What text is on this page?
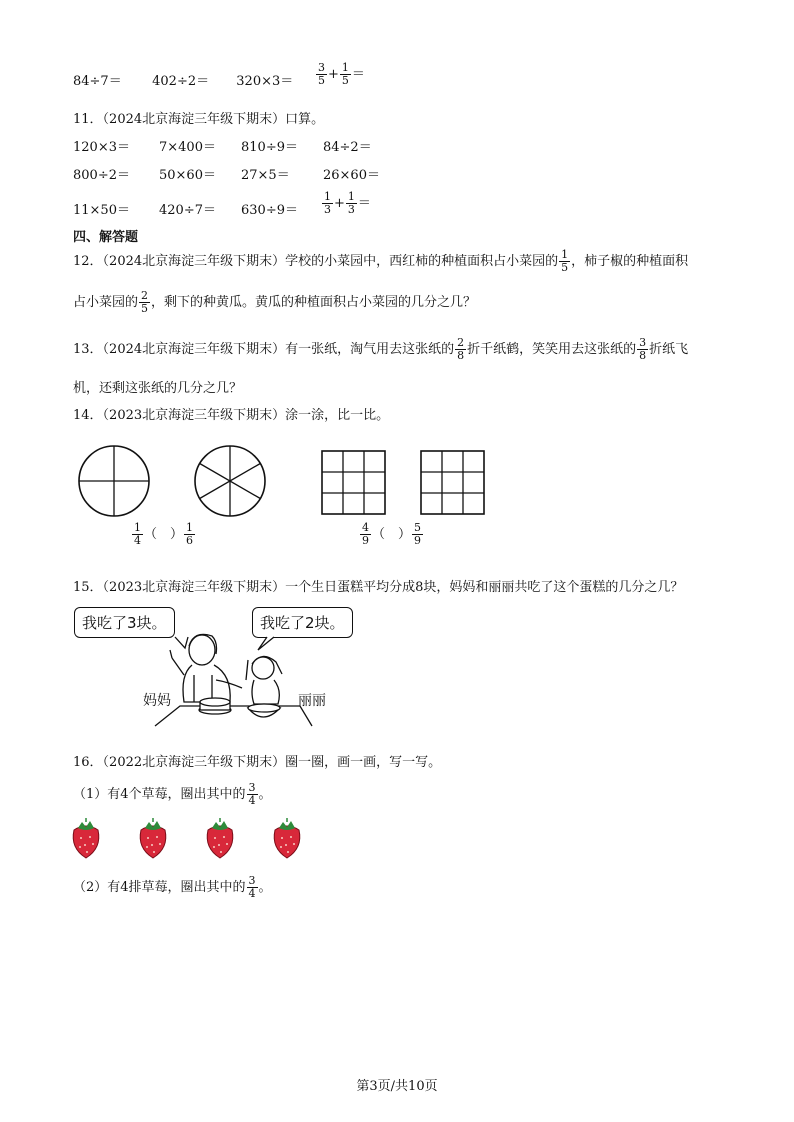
84÷7＝ 402÷2＝ 320×3＝	$\frac{3}{5} + \frac{1}{5}$ ＝
11．（2024北京海淀三年级下期末）口算。
120×3＝ 7×400＝ 810÷9＝ 84÷2＝
800÷2＝ 50×60＝ 27×5＝	26×60＝
11×50＝ 420÷7＝ 630÷9＝	$\frac{1}{3} + \frac{1}{3}$ ＝
四、解答题
12．（2024北京海淀三年级下期末）学校的小菜园中，西红柿的种植面积占小菜园的 $\frac{1}{5}$ ，柿子椒的种植面积
占小菜园的 $\frac{2}{5}$ ，剩下的种黄瓜。黄瓜的种植面积占小菜园的几分之几？
13．（2024北京海淀三年级下期末）有一张纸，淘气用去这张纸的 $\frac{2}{8}$ 折千纸鹤，笑笑用去这张纸的 $\frac{3}{8}$ 折纸飞
机，还剩这张纸的几分之几？
14．（2023北京海淀三年级下期末）涂一涂，比一比。
$\frac{1}{4}$ （　） $\frac{1}{6}$	$\frac{4}{9}$ （　） $\frac{5}{9}$
15．（2023北京海淀三年级下期末）一个生日蛋糕平均分成8块，妈妈和丽丽共吃了这个蛋糕的几分之几？
我吃了3块。	我吃了2块。
妈妈	丽丽
16．（2022北京海淀三年级下期末）圈一圈，画一画，写一写。
（1）有4个草莓，圈出其中的 $\frac{3}{4}$ 。
（2）有4排草莓，圈出其中的 $\frac{3}{4}$ 。
第3页/共10页
